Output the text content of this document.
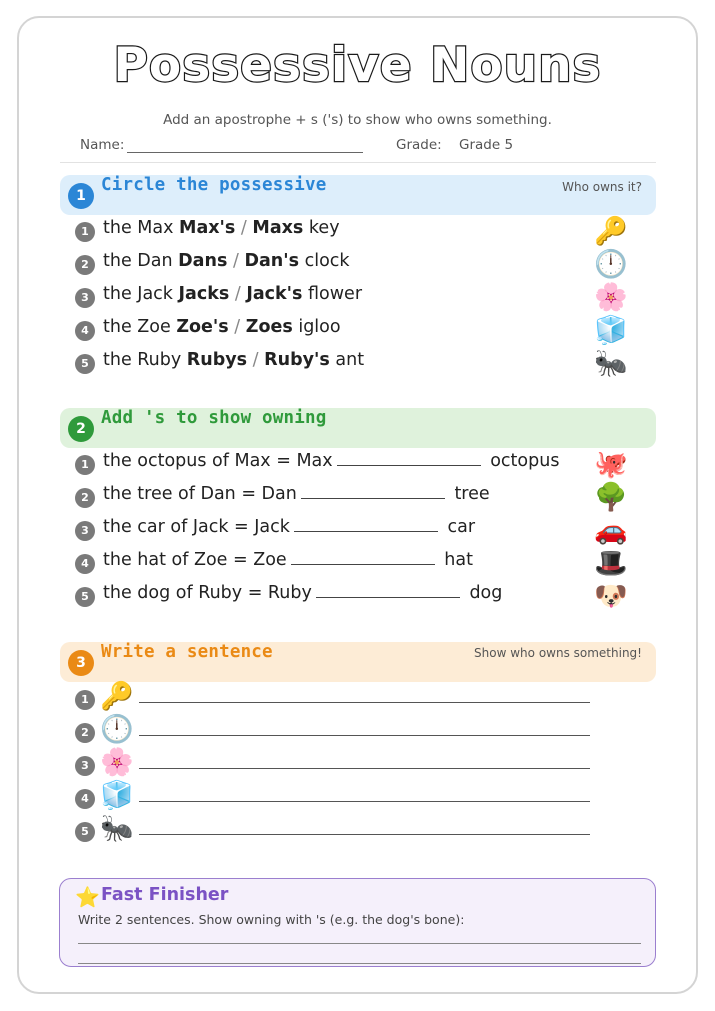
Possessive Nouns
Add an apostrophe + s ('s) to show who owns something.
Name:	Grade: Grade 5
1
Circle the possessive	Who owns it?
1 the Max Max's / Maxs key	🔑
2 the Dan Dans / Dan's clock	🕛
3 the Jack Jacks / Jack's flower	🌸
4 the Zoe Zoe's / Zoes igloo	🧊
5 the Ruby Rubys / Ruby's ant	🐜
2
Add 's to show owning
1 the octopus of Max = Max	octopus 🐙
2 the tree of Dan = Dan	tree	🌳
3 the car of Jack = Jack	car	🚗
4 the hat of Zoe = Zoe	hat	🎩
5 the dog of Ruby = Ruby	dog	🐶
3
Write a sentence	Show who owns something!
1 🔑
2 🕛
3 🌸
4 🧊
5 🐜
⭐ Fast Finisher
Write 2 sentences. Show owning with 's (e.g. the dog's bone):
